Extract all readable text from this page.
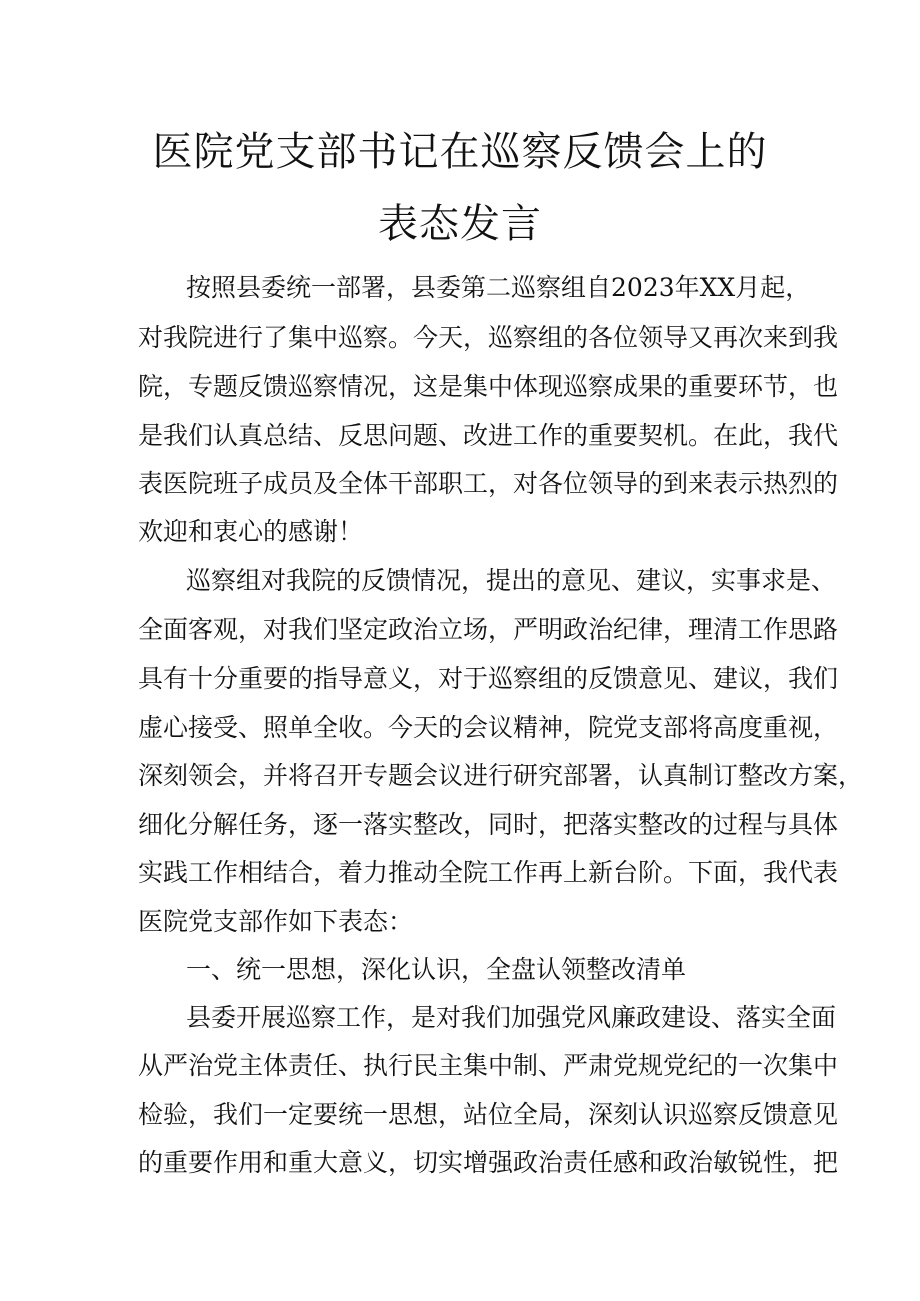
医院党支部书记在巡察反馈会上的
表态发言
按照县委统一部署，县委第二巡察组自2023年XX月起，
对我院进行了集中巡察。今天，巡察组的各位领导又再次来到我
院，专题反馈巡察情况，这是集中体现巡察成果的重要环节，也
是我们认真总结、反思问题、改进工作的重要契机。在此，我代
表医院班子成员及全体干部职工，对各位领导的到来表示热烈的
欢迎和衷心的感谢！
巡察组对我院的反馈情况，提出的意见、建议，实事求是、
全面客观，对我们坚定政治立场，严明政治纪律，理清工作思路
具有十分重要的指导意义，对于巡察组的反馈意见、建议，我们
虚心接受、照单全收。今天的会议精神，院党支部将高度重视，
深刻领会，并将召开专题会议进行研究部署，认真制订整改方案，
细化分解任务，逐一落实整改，同时，把落实整改的过程与具体
实践工作相结合，着力推动全院工作再上新台阶。下面，我代表
医院党支部作如下表态：
一、统一思想，深化认识，全盘认领整改清单
县委开展巡察工作，是对我们加强党风廉政建设、落实全面
从严治党主体责任、执行民主集中制、严肃党规党纪的一次集中
检验，我们一定要统一思想，站位全局，深刻认识巡察反馈意见
的重要作用和重大意义，切实增强政治责任感和政治敏锐性，把
